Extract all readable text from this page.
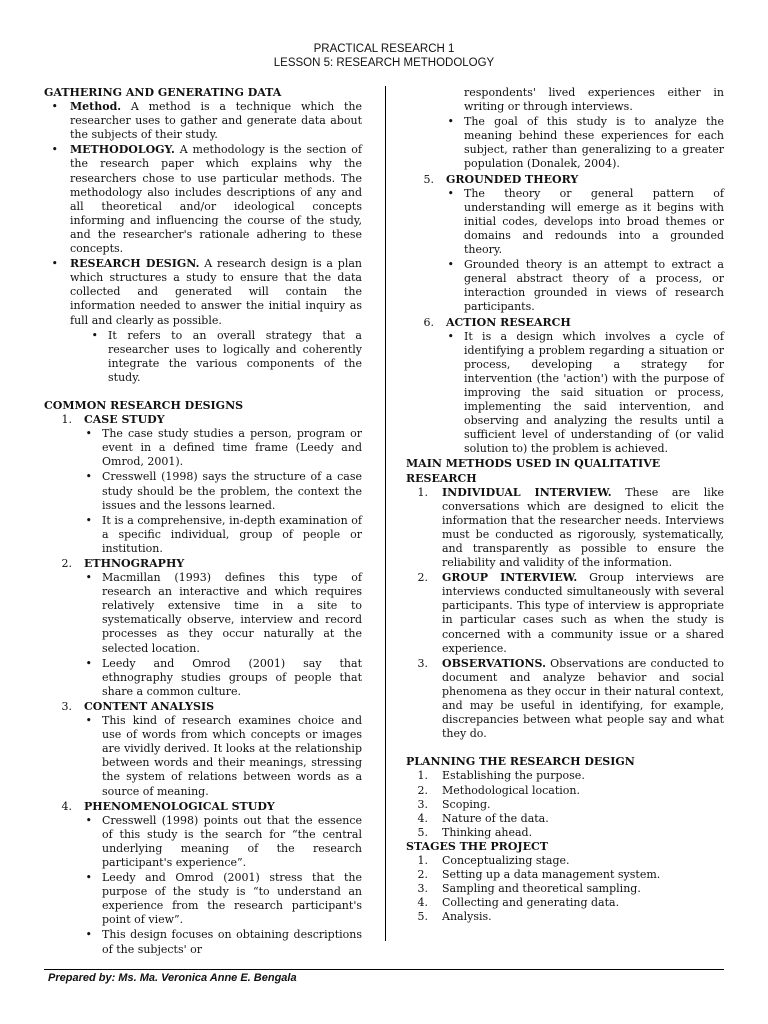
PRACTICAL RESEARCH 1
LESSON 5: RESEARCH METHODOLOGY
GATHERING AND GENERATING DATA
•	Method. A method is a technique which the researcher uses to gather and generate data about the subjects of their study.
•	METHODOLOGY. A methodology is the section of the research paper which explains why the researchers chose to use particular methods. The methodology also includes descriptions of any and all theoretical and/or ideological concepts informing and influencing the course of the study, and the researcher's rationale adhering to these concepts.
•	RESEARCH DESIGN. A research design is a plan which structures a study to ensure that the data collected and generated will contain the information needed to answer the initial inquiry as full and clearly as possible.
• It refers to an overall strategy that a researcher uses to logically and coherently integrate the various components of the study.
COMMON RESEARCH DESIGNS
1.	CASE STUDY
• The case study studies a person, program or event in a defined time frame (Leedy and Omrod, 2001).
• Cresswell (1998) says the structure of a case study should be the problem, the context the issues and the lessons learned.
• It is a comprehensive, in-depth examination of a specific individual, group of people or institution.
2.	ETHNOGRAPHY
• Macmillan (1993) defines this type of research an interactive and which requires relatively extensive time in a site to systematically observe, interview and record processes as they occur naturally at the selected location.
• Leedy and Omrod (2001) say that ethnography studies groups of people that share a common culture.
3.	CONTENT ANALYSIS
• This kind of research examines choice and use of words from which concepts or images are vividly derived. It looks at the relationship between words and their meanings, stressing the system of relations between words as a source of meaning.
4.	PHENOMENOLOGICAL STUDY
• Cresswell (1998) points out that the essence of this study is the search for “the central underlying meaning of the research participant's experience”.
• Leedy and Omrod (2001) stress that the purpose of the study is “to understand an experience from the research participant's point of view”.
• This design focuses on obtaining descriptions of the subjects' or
respondents' lived experiences either in writing or through interviews.
• The goal of this study is to analyze the meaning behind these experiences for each subject, rather than generalizing to a greater population (Donalek, 2004).
5.	GROUNDED THEORY
• The theory or general pattern of understanding will emerge as it begins with initial codes, develops into broad themes or domains and redounds into a grounded theory.
• Grounded theory is an attempt to extract a general abstract theory of a process, or interaction grounded in views of research participants.
6.	ACTION RESEARCH
• It is a design which involves a cycle of identifying a problem regarding a situation or process, developing a strategy for intervention (the 'action') with the purpose of improving the said situation or process, implementing the said intervention, and observing and analyzing the results until a sufficient level of understanding of (or valid solution to) the problem is achieved.
MAIN METHODS USED IN QUALITATIVE RESEARCH
1.	INDIVIDUAL INTERVIEW. These are like conversations which are designed to elicit the information that the researcher needs. Interviews must be conducted as rigorously, systematically, and transparently as possible to ensure the reliability and validity of the information.
2.	GROUP INTERVIEW. Group interviews are interviews conducted simultaneously with several participants. This type of interview is appropriate in particular cases such as when the study is concerned with a community issue or a shared experience.
3.	OBSERVATIONS. Observations are conducted to document and analyze behavior and social phenomena as they occur in their natural context, and may be useful in identifying, for example, discrepancies between what people say and what they do.
PLANNING THE RESEARCH DESIGN
1.	Establishing the purpose.
2.	Methodological location.
3.	Scoping.
4.	Nature of the data.
5.	Thinking ahead.
STAGES THE PROJECT
1.	Conceptualizing stage.
2.	Setting up a data management system.
3.	Sampling and theoretical sampling.
4.	Collecting and generating data.
5.	Analysis.
Prepared by: Ms. Ma. Veronica Anne E. Bengala
